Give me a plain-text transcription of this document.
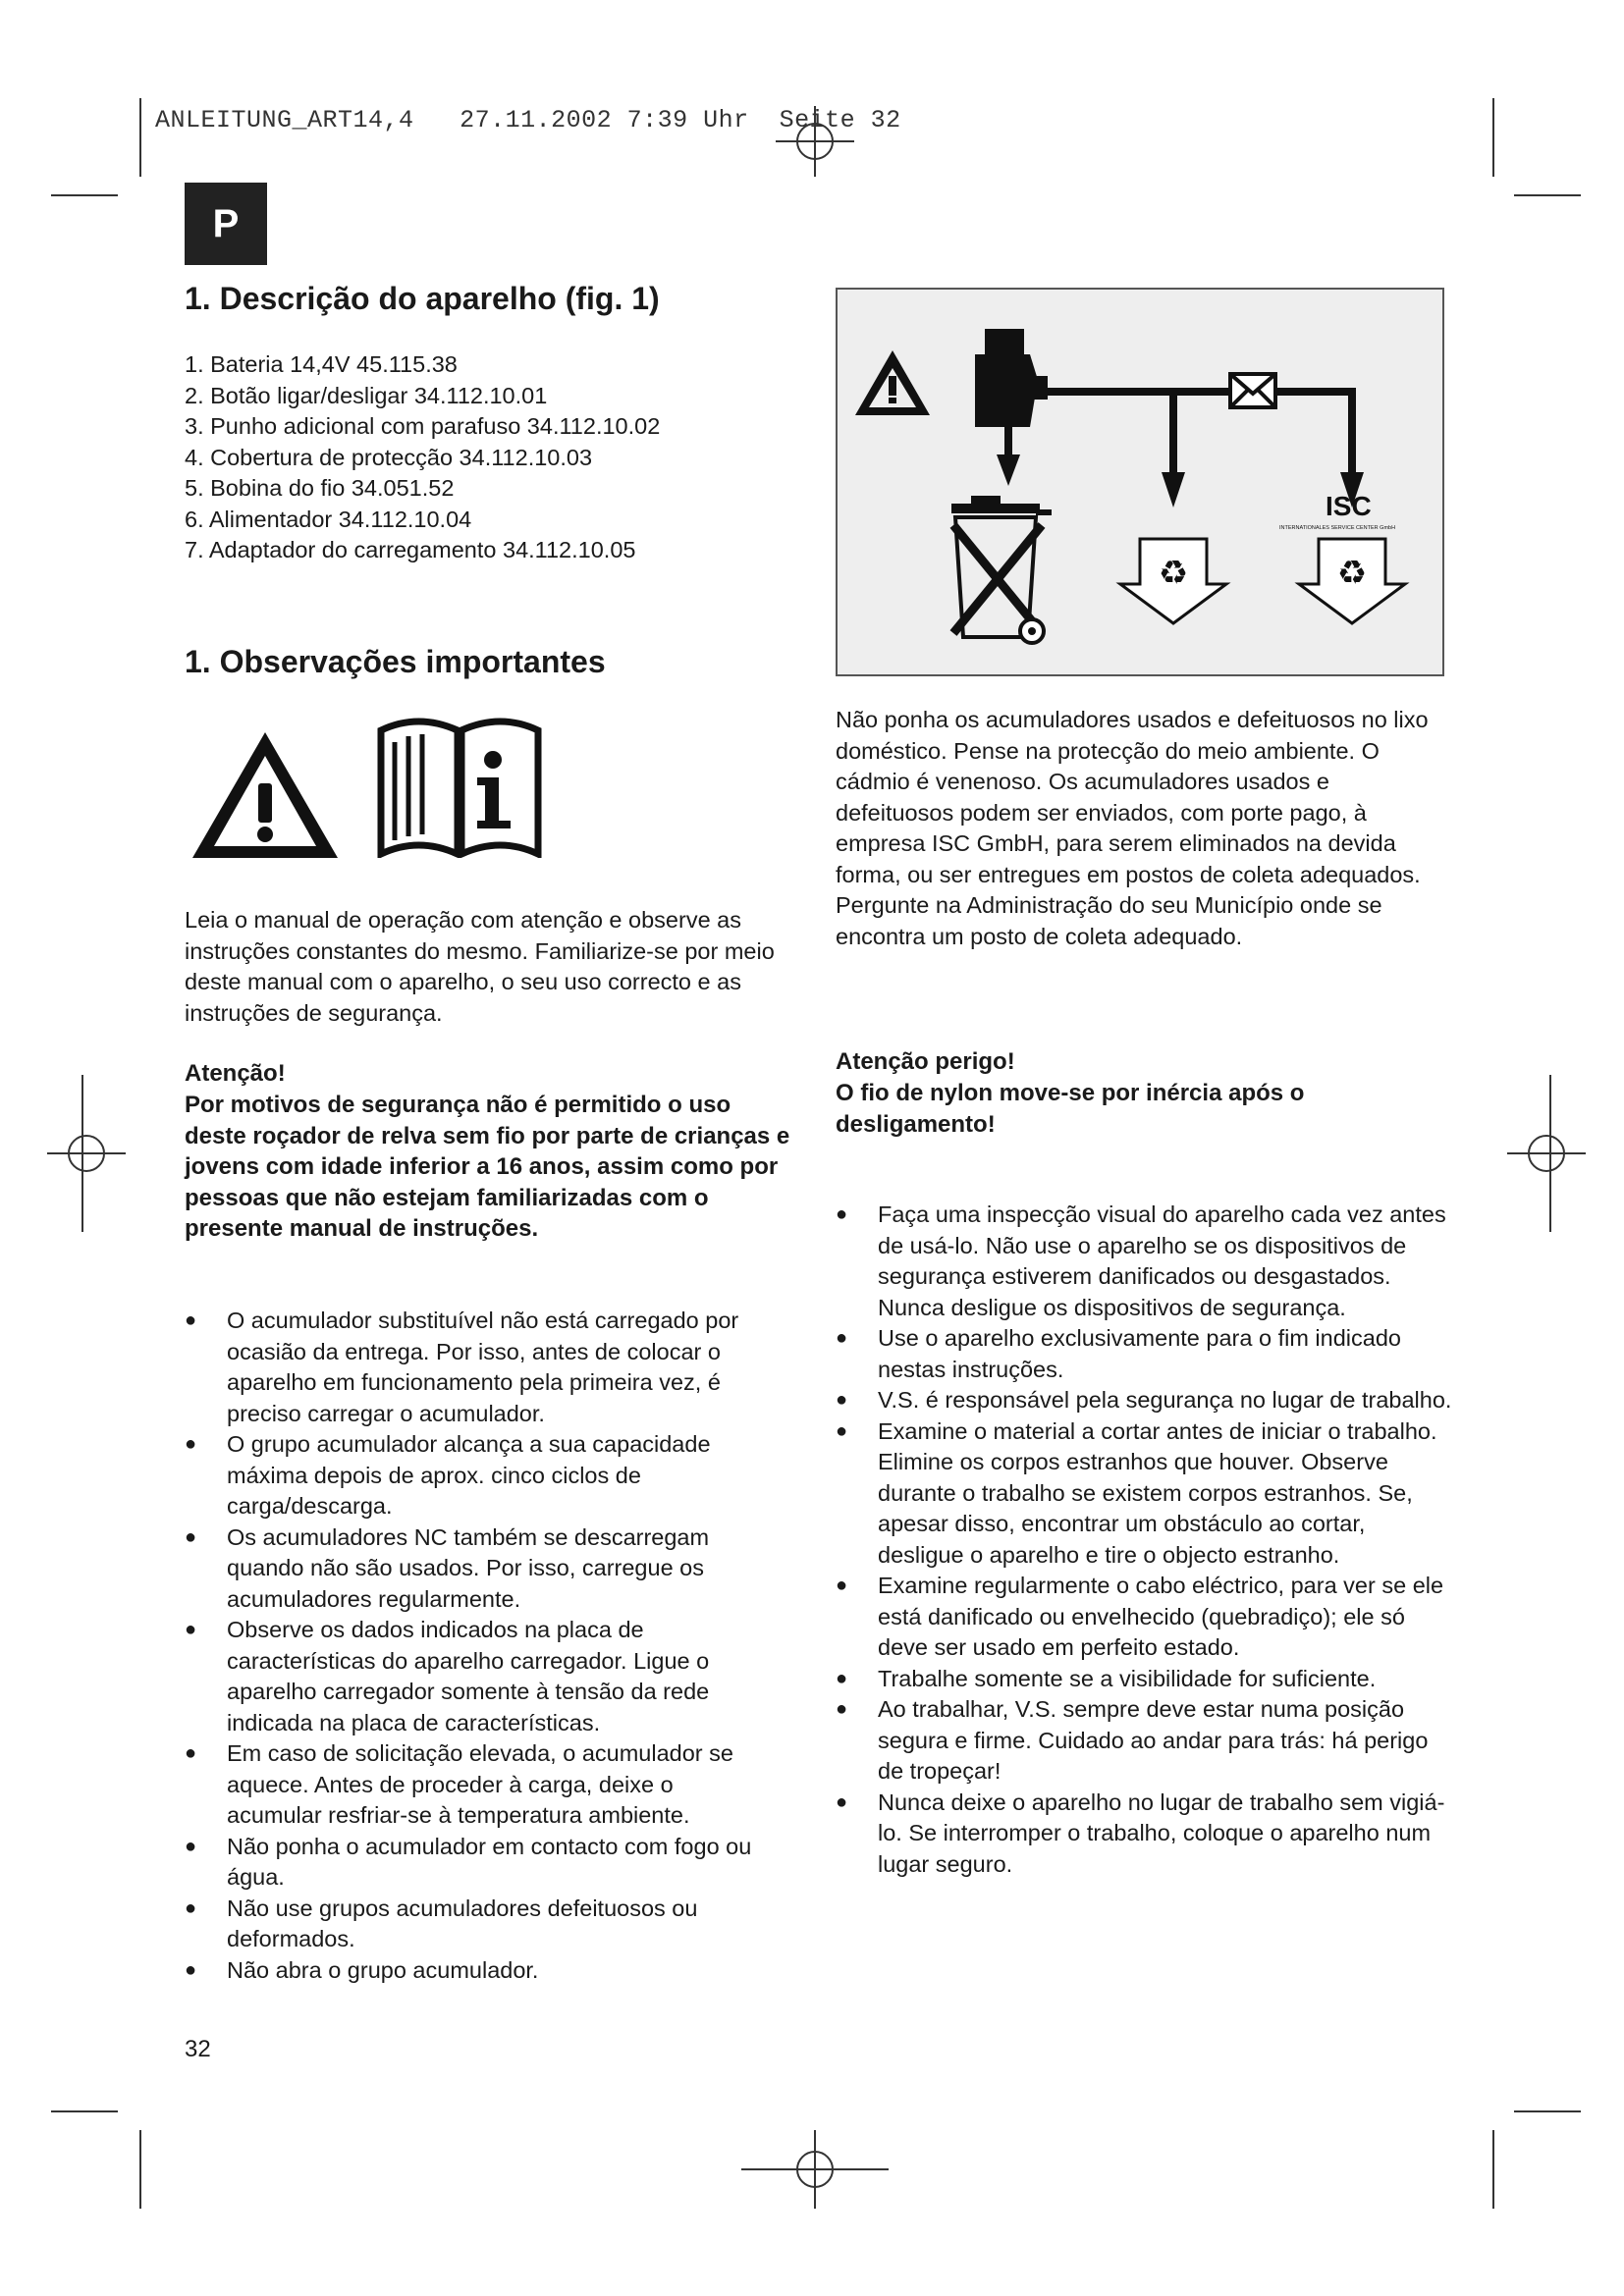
ANLEITUNG_ART14,4 27.11.2002 7:39 Uhr Seite 32
P
1. Descrição do aparelho (fig. 1)
1. Bateria 14,4V 45.115.38
2. Botão ligar/desligar 34.112.10.01
3. Punho adicional com parafuso 34.112.10.02
4. Cobertura de protecção 34.112.10.03
5. Bobina do fio 34.051.52
6. Alimentador 34.112.10.04
7. Adaptador do carregamento 34.112.10.05
1. Observações importantes

Leia o manual de operação com atenção e observe as instruções constantes do mesmo. Familiarize-se por meio deste manual com o aparelho, o seu uso correcto e as instruções de segurança.

Atenção!

Por motivos de segurança não é permitido o uso deste roçador de relva sem fio por parte de crianças e jovens com idade inferior a 16 anos, assim como por pessoas que não estejam familiarizadas com o presente manual de instruções.

● O acumulador substituível não está carregado por ocasião da entrega. Por isso, antes de colocar o aparelho em funcionamento pela primeira vez, é preciso carregar o acumulador.
● O grupo acumulador alcança a sua capacidade máxima depois de aprox. cinco ciclos de carga/descarga.
● Os acumuladores NC também se descarregam quando não são usados. Por isso, carregue os acumuladores regularmente.
● Observe os dados indicados na placa de características do aparelho carregador. Ligue o aparelho carregador somente à tensão da rede indicada na placa de características.
● Em caso de solicitação elevada, o acumulador se aquece. Antes de proceder à carga, deixe o acumular resfriar-se à temperatura ambiente.
● Não ponha o acumulador em contacto com fogo ou água.
● Não use grupos acumuladores defeituosos ou deformados.
● Não abra o grupo acumulador.
32
ISC
INTERNATIONALES SERVICE CENTER GmbH
♻	♻

Não ponha os acumuladores usados e defeituosos no lixo doméstico. Pense na protecção do meio ambiente. O cádmio é venenoso. Os acumuladores usados e defeituosos podem ser enviados, com porte pago, à empresa ISC GmbH, para serem eliminados na devida forma, ou ser entregues em postos de coleta adequados. Pergunte na Administração do seu Município onde se encontra um posto de coleta adequado.

Atenção perigo!

O fio de nylon move-se por inércia após o desligamento!

● Faça uma inspecção visual do aparelho cada vez antes de usá-lo. Não use o aparelho se os dispositivos de segurança estiverem danificados ou desgastados. Nunca desligue os dispositivos de segurança.
● Use o aparelho exclusivamente para o fim indicado nestas instruções.
● V.S. é responsável pela segurança no lugar de trabalho.
● Examine o material a cortar antes de iniciar o trabalho. Elimine os corpos estranhos que houver. Observe durante o trabalho se existem corpos estranhos. Se, apesar disso, encontrar um obstáculo ao cortar, desligue o aparelho e tire o objecto estranho.
● Examine regularmente o cabo eléctrico, para ver se ele está danificado ou envelhecido (quebradiço); ele só deve ser usado em perfeito estado.
● Trabalhe somente se a visibilidade for suficiente.
● Ao trabalhar, V.S. sempre deve estar numa posição segura e firme. Cuidado ao andar para trás: há perigo de tropeçar!
● Nunca deixe o aparelho no lugar de trabalho sem vigiá-lo. Se interromper o trabalho, coloque o aparelho num lugar seguro.
